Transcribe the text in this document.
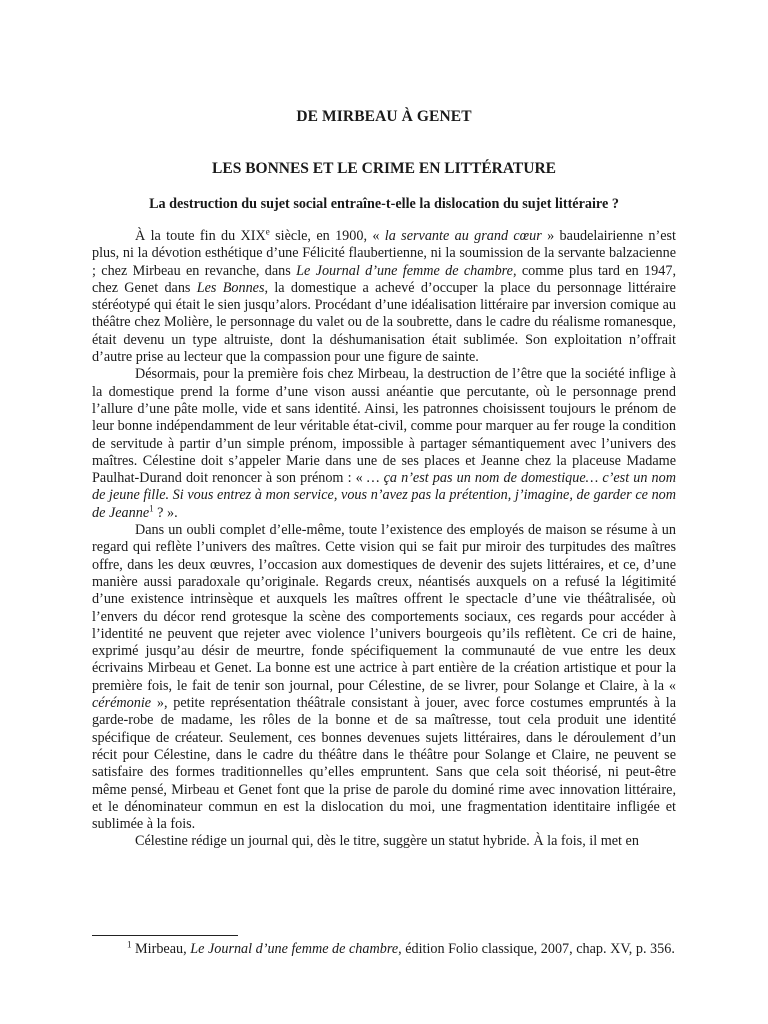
DE MIRBEAU À GENET
LES BONNES ET LE CRIME EN LITTÉRATURE
La destruction du sujet social entraîne-t-elle la dislocation du sujet littéraire ?

À la toute fin du XIXe siècle, en 1900, « la servante au grand cœur » baudelairienne n’est plus, ni la dévotion esthétique d’une Félicité flaubertienne, ni la soumission de la servante balzacienne ; chez Mirbeau en revanche, dans Le Journal d’une femme de chambre, comme plus tard en 1947, chez Genet dans Les Bonnes, la domestique a achevé d’occuper la place du personnage littéraire stéréotypé qui était le sien jusqu’alors. Procédant d’une idéalisation littéraire par inversion comique au théâtre chez Molière, le personnage du valet ou de la soubrette, dans le cadre du réalisme romanesque, était devenu un type altruiste, dont la déshumanisation était sublimée. Son exploitation n’offrait d’autre prise au lecteur que la compassion pour une figure de sainte.

Désormais, pour la première fois chez Mirbeau, la destruction de l’être que la société inflige à la domestique prend la forme d’une vison aussi anéantie que percutante, où le personnage prend l’allure d’une pâte molle, vide et sans identité. Ainsi, les patronnes choisissent toujours le prénom de leur bonne indépendamment de leur véritable état-civil, comme pour marquer au fer rouge la condition de servitude à partir d’un simple prénom, impossible à partager sémantiquement avec l’univers des maîtres. Célestine doit s’appeler Marie dans une de ses places et Jeanne chez la placeuse Madame Paulhat-Durand doit renoncer à son prénom : « … ça n’est pas un nom de domestique… c’est un nom de jeune fille. Si vous entrez à mon service, vous n’avez pas la prétention, j’imagine, de garder ce nom de Jeanne$^1$ ? ».

Dans un oubli complet d’elle-même, toute l’existence des employés de maison se résume à un regard qui reflète l’univers des maîtres. Cette vision qui se fait pur miroir des turpitudes des maîtres offre, dans les deux œuvres, l’occasion aux domestiques de devenir des sujets littéraires, et ce, d’une manière aussi paradoxale qu’originale. Regards creux, néantisés auxquels on a refusé la légitimité d’une existence intrinsèque et auxquels les maîtres offrent le spectacle d’une vie théâtralisée, où l’envers du décor rend grotesque la scène des comportements sociaux, ces regards pour accéder à l’identité ne peuvent que rejeter avec violence l’univers bourgeois qu’ils reflètent. Ce cri de haine, exprimé jusqu’au désir de meurtre, fonde spécifiquement la communauté de vue entre les deux écrivains Mirbeau et Genet. La bonne est une actrice à part entière de la création artistique et pour la première fois, le fait de tenir son journal, pour Célestine, de se livrer, pour Solange et Claire, à la « cérémonie », petite représentation théâtrale consistant à jouer, avec force costumes empruntés à la garde-robe de madame, les rôles de la bonne et de sa maîtresse, tout cela produit une identité spécifique de créateur. Seulement, ces bonnes devenues sujets littéraires, dans le déroulement d’un récit pour Célestine, dans le cadre du théâtre dans le théâtre pour Solange et Claire, ne peuvent se satisfaire des formes traditionnelles qu’elles empruntent. Sans que cela soit théorisé, ni peut-être même pensé, Mirbeau et Genet font que la prise de parole du dominé rime avec innovation littéraire, et le dénominateur commun en est la dislocation du moi, une fragmentation identitaire infligée et sublimée à la fois.

Célestine rédige un journal qui, dès le titre, suggère un statut hybride. À la fois, il met en

$^1$ Mirbeau, Le Journal d’une femme de chambre, édition Folio classique, 2007, chap. XV, p. 356.
